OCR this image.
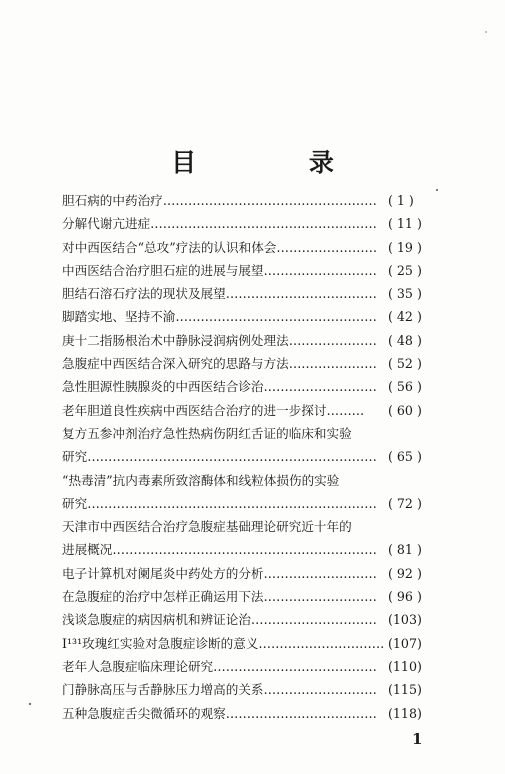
目 录
胆石病的中药治疗…………………………………………… ( 1 )
分解代谢亢进症……………………………………………… ( 11 )
对中西医结合“总攻”疗法的认识和体会…………………… ( 19 )
中西医结合治疗胆石症的进展与展望……………………… ( 25 )
胆结石溶石疗法的现状及展望……………………………… ( 35 )
脚踏实地、坚持不渝………………………………………… ( 42 )
庚十二指肠根治术中静脉浸润病例处理法………………… ( 48 )
急腹症中西医结合深入研究的思路与方法………………… ( 52 )
急性胆源性胰腺炎的中西医结合诊治……………………… ( 56 )
老年胆道良性疾病中西医结合治疗的进一步探讨……… ( 60 )
复方五参冲剂治疗急性热病伤阴红舌证的临床和实验
研究…………………………………………………………… ( 65 )
“热毒清”抗内毒素所致溶酶体和线粒体损伤的实验
研究…………………………………………………………… ( 72 )
天津市中西医结合治疗急腹症基础理论研究近十年的
进展概况……………………………………………………… ( 81 )
电子计算机对阑尾炎中药处方的分析……………………… ( 92 )
在急腹症的治疗中怎样正确运用下法……………………… ( 96 )
浅谈急腹症的病因病机和辨证论治………………………… (103)
I¹³¹玫瑰红实验对急腹症诊断的意义………………………… (107)
老年人急腹症临床理论研究………………………………… (110)
门静脉高压与舌静脉压力增高的关系……………………… (115)
五种急腹症舌尖微循环的观察……………………………… (118)
1
